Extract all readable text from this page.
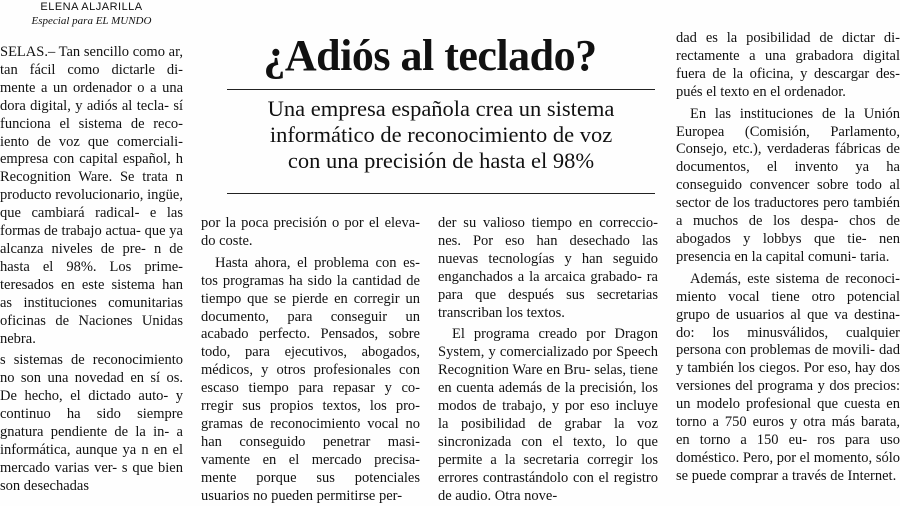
ELENA ALJARILLA
Especial para EL MUNDO
¿Adiós al teclado?
Una empresa española crea un sistema
informático de reconocimiento de voz
con una precisión de hasta el 98%

SELAS.– Tan sencillo como ar, tan fácil como dictarle di- mente a un ordenador o a una dora digital, y adiós al tecla- sí funciona el sistema de reco- iento de voz que comerciali- empresa con capital español, h Recognition Ware. Se trata n producto revolucionario, ingüe, que cambiará radical- e las formas de trabajo actua- que ya alcanza niveles de pre- n de hasta el 98%. Los prime- teresados en este sistema han as instituciones comunitarias oficinas de Naciones Unidas nebra.

s sistemas de reconocimiento no son una novedad en sí os. De hecho, el dictado auto- y continuo ha sido siempre gnatura pendiente de la in- a informática, aunque ya n en el mercado varias ver- s que bien son desechadas

por la poca precisión o por el eleva- do coste.

Hasta ahora, el problema con es- tos programas ha sido la cantidad de tiempo que se pierde en corregir un documento, para conseguir un acabado perfecto. Pensados, sobre todo, para ejecutivos, abogados, médicos, y otros profesionales con escaso tiempo para repasar y co- rregir sus propios textos, los pro- gramas de reconocimiento vocal no han conseguido penetrar masi- vamente en el mercado precisa- mente porque sus potenciales usuarios no pueden permitirse per-

der su valioso tiempo en correccio- nes. Por eso han desechado las nuevas tecnologías y han seguido enganchados a la arcaica grabado- ra para que después sus secretarias transcriban los textos.

El programa creado por Dragon System, y comercializado por Speech Recognition Ware en Bru- selas, tiene en cuenta además de la precisión, los modos de trabajo, y por eso incluye la posibilidad de grabar la voz sincronizada con el texto, lo que permite a la secretaria corregir los errores contrastándolo con el registro de audio. Otra nove-

dad es la posibilidad de dictar di- rectamente a una grabadora digital fuera de la oficina, y descargar des- pués el texto en el ordenador.

En las instituciones de la Unión Europea (Comisión, Parlamento, Consejo, etc.), verdaderas fábricas de documentos, el invento ya ha conseguido convencer sobre todo al sector de los traductores pero también a muchos de los despa- chos de abogados y lobbys que tie- nen presencia en la capital comuni- taria.

Además, este sistema de reconoci- miento vocal tiene otro potencial grupo de usuarios al que va destina- do: los minusválidos, cualquier persona con problemas de movili- dad y también los ciegos. Por eso, hay dos versiones del programa y dos precios: un modelo profesional que cuesta en torno a 750 euros y otra más barata, en torno a 150 eu- ros para uso doméstico. Pero, por el momento, sólo se puede comprar a través de Internet.
